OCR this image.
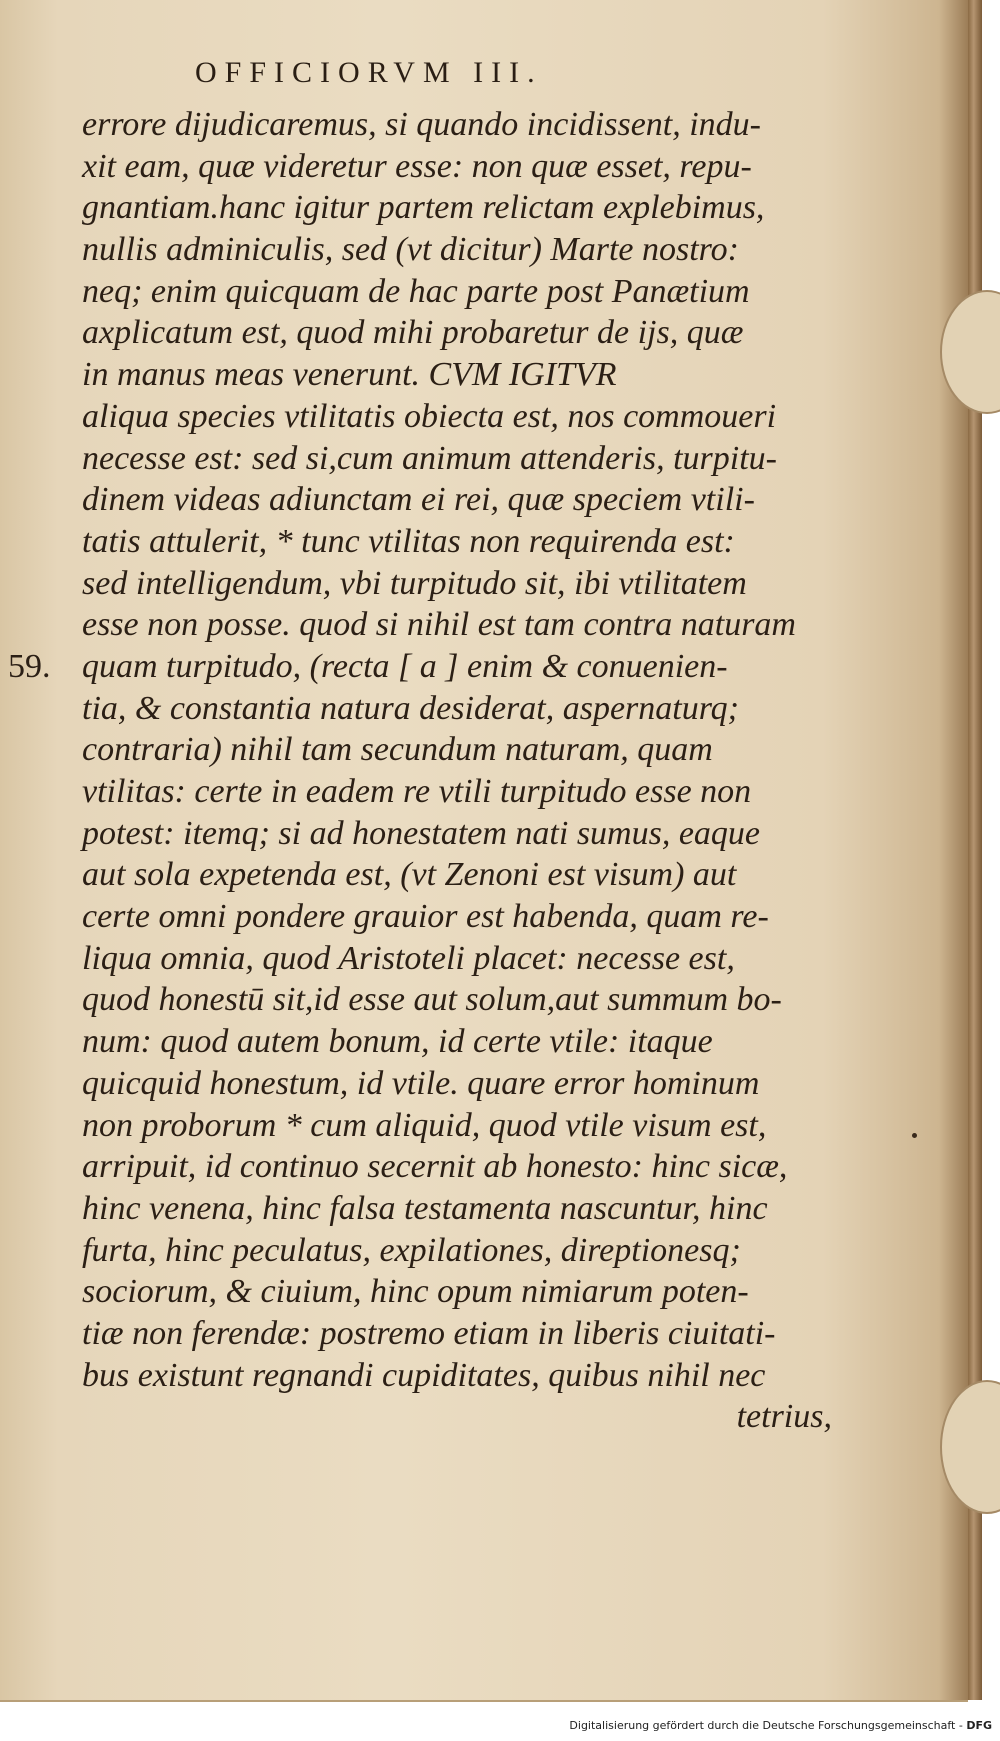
OFFICIORVM III.
59.
errore dijudicaremus, si quando incidissent, indu-
xit eam, quæ videretur esse: non quæ esset, repu-
gnantiam.hanc igitur partem relictam explebimus,
nullis adminiculis, sed (vt dicitur) Marte nostro:
neq; enim quicquam de hac parte post Panætium
axplicatum est, quod mihi probaretur de ijs, quæ
in manus meas venerunt. CVM IGITVR
aliqua species vtilitatis obiecta est, nos commoueri
necesse est: sed si,cum animum attenderis, turpitu-
dinem videas adiunctam ei rei, quæ speciem vtili-
tatis attulerit, * tunc vtilitas non requirenda est:
sed intelligendum, vbi turpitudo sit, ibi vtilitatem
esse non posse. quod si nihil est tam contra naturam
quam turpitudo, (recta [ a ] enim & conuenien-
tia, & constantia natura desiderat, aspernaturq;
contraria) nihil tam secundum naturam, quam
vtilitas: certe in eadem re vtili turpitudo esse non
potest: itemq; si ad honestatem nati sumus, eaque
aut sola expetenda est, (vt Zenoni est visum) aut
certe omni pondere grauior est habenda, quam re-
liqua omnia, quod Aristoteli placet: necesse est,
quod honestū sit,id esse aut solum,aut summum bo-
num: quod autem bonum, id certe vtile: itaque
quicquid honestum, id vtile. quare error hominum
non proborum * cum aliquid, quod vtile visum est,
arripuit, id continuo secernit ab honesto: hinc sicæ,
hinc venena, hinc falsa testamenta nascuntur, hinc
furta, hinc peculatus, expilationes, direptionesq;
sociorum, & ciuium, hinc opum nimiarum poten-
tiæ non ferendæ: postremo etiam in liberis ciuitati-
bus existunt regnandi cupiditates, quibus nihil nec
tetrius,
Digitalisierung gefördert durch die Deutsche Forschungsgemeinschaft - DFG
